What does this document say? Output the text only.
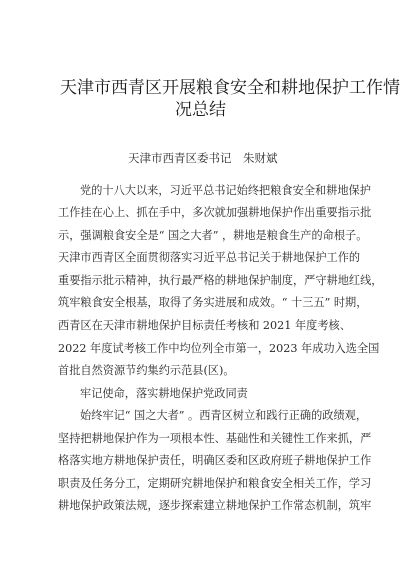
天津市西青区开展粮食安全和耕地保护工作情
况总结
天津市西青区委书记　朱财斌
党的十八大以来，习近平总书记始终把粮食安全和耕地保护
工作挂在心上、抓在手中，多次就加强耕地保护作出重要指示批
示，强调粮食安全是“ 国之大者” ，耕地是粮食生产的命根子。
天津市西青区全面贯彻落实习近平总书记关于耕地保护工作的
重要指示批示精神，执行最严格的耕地保护制度，严守耕地红线，
筑牢粮食安全根基，取得了务实进展和成效。“ 十三五” 时期，
西青区在天津市耕地保护目标责任考核和 2021 年度考核、
2022 年度试考核工作中均位列全市第一，2023 年成功入选全国
首批自然资源节约集约示范县(区)。
牢记使命，落实耕地保护党政同责
始终牢记“ 国之大者” 。西青区树立和践行正确的政绩观，
坚持把耕地保护作为一项根本性、基础性和关键性工作来抓，严
格落实地方耕地保护责任，明确区委和区政府班子耕地保护工作
职责及任务分工，定期研究耕地保护和粮食安全相关工作，学习
耕地保护政策法规，逐步探索建立耕地保护工作常态机制，筑牢
